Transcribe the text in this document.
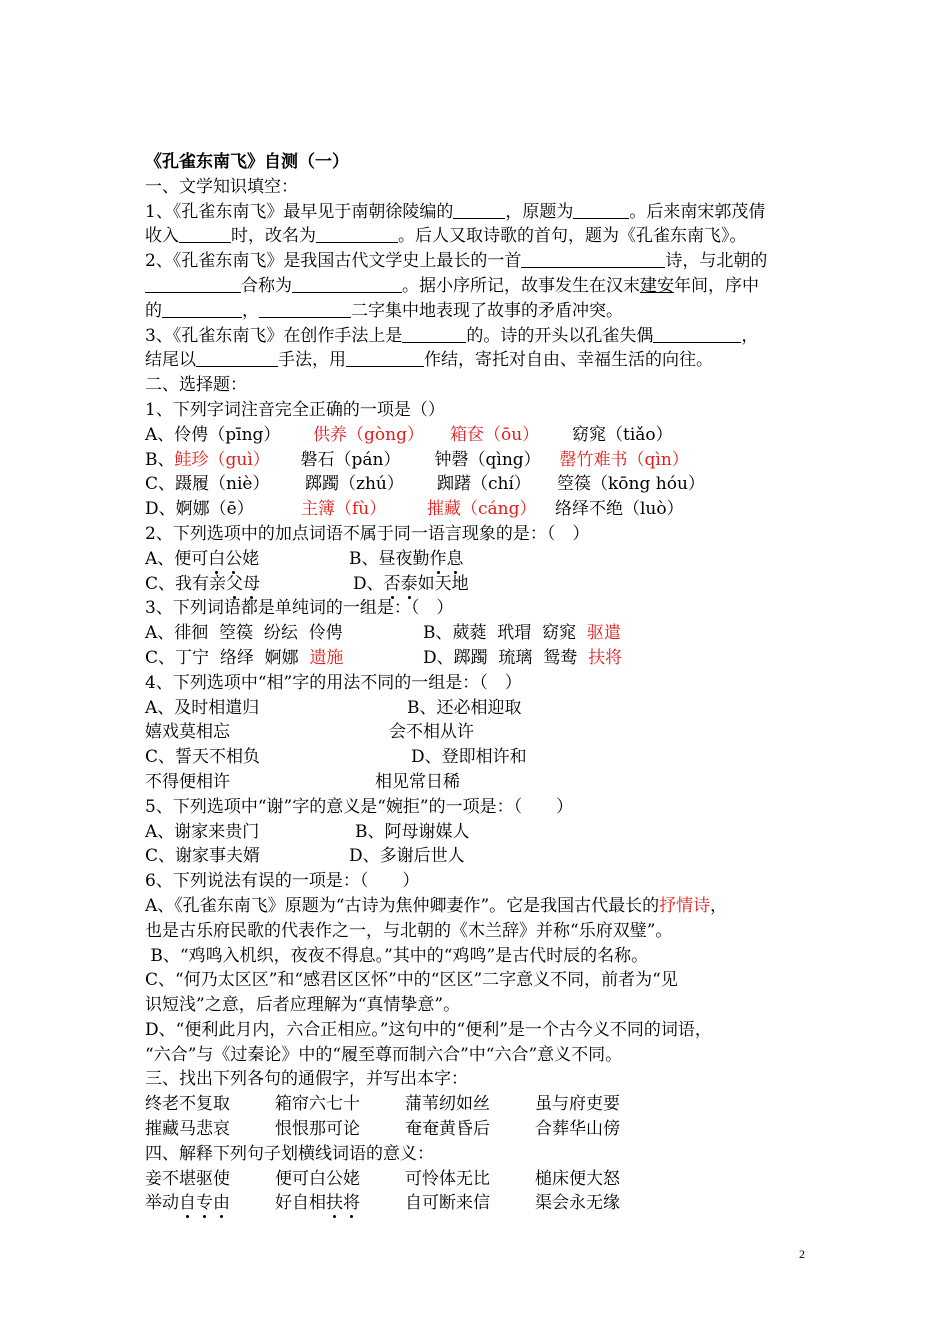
《孔雀东南飞》自测（一）
一、文学知识填空：
1、《孔雀东南飞》最早见于南朝徐陵编的	，原题为	。后来南宋郭茂倩
收入	时，改名为	。后人又取诗歌的首句，题为《孔雀东南飞》。
2、《孔雀东南飞》是我国古代文学史上最长的一首	诗，与北朝的
合称为	。据小序所记，故事发生在汉末建安年间，序中
的	，	二字集中地表现了故事的矛盾冲突。
3、《孔雀东南飞》在创作手法上是	的。诗的开头以孔雀失偶	，
结尾以	手法，用	作结，寄托对自由、幸福生活的向往。
二、选择题：
1、下列字词注音完全正确的一项是（）
A、伶俜（pīng） 供养（gòng） 箱奁（ōu） 窈窕（tiǎo）
B、鲑珍（guì） 磐石（pán） 钟磬（qìng） 罄竹难书（qìn）
C、蹑履（niè） 踯躅（zhú） 踟躇（chí） 箜篌（kōng hóu）
D、婀娜（ē）	主簿（fù） 摧藏（cáng） 络绎不绝（luò）
2、下列选项中的加点词语不属于同一语言现象的是：（　）
A、便可白公姥	B、昼夜勤作息
C、我有亲父母	D、否泰如天地
3、下列词语都是单纯词的一组是：（　）
A、徘徊  箜篌  纷纭  伶俜	B、葳蕤  玳瑁  窈窕  驱遣
C、丁宁  络绎  婀娜  遗施	D、踯躅  琉璃  鸳鸯  扶将
4、下列选项中“相”字的用法不同的一组是：（　）
A、及时相遣归	B、还必相迎取
嬉戏莫相忘	会不相从许
C、誓天不相负	D、登即相许和
不得便相许	相见常日稀
5、下列选项中“谢”字的意义是“婉拒”的一项是：（　　）
A、谢家来贵门	B、阿母谢媒人
C、谢家事夫婿	D、多谢后世人
6、下列说法有误的一项是：（　　）
A、《孔雀东南飞》原题为“古诗为焦仲卿妻作”。它是我国古代最长的抒情诗，
也是古乐府民歌的代表作之一，与北朝的《木兰辞》并称“乐府双璧”。
B、“鸡鸣入机织，夜夜不得息。”其中的“鸡鸣”是古代时辰的名称。
C、“何乃太区区”和“感君区区怀”中的“区区”二字意义不同，前者为“见
识短浅”之意，后者应理解为“真情挚意”。
D、“便利此月内，六合正相应。”这句中的“便利”是一个古今义不同的词语，
“六合”与《过秦论》中的“履至尊而制六合”中“六合”意义不同。
三、找出下列各句的通假字，并写出本字：
终老不复取	箱帘六七十	蒲苇纫如丝	虽与府吏要
摧藏马悲哀	恨恨那可论	奄奄黄昏后	合葬华山傍
四、解释下列句子划横线词语的意义：
妾不堪驱使	便可白公姥	可怜体无比	槌床便大怒
举动自专由	好自相扶将	自可断来信	渠会永无缘
2
